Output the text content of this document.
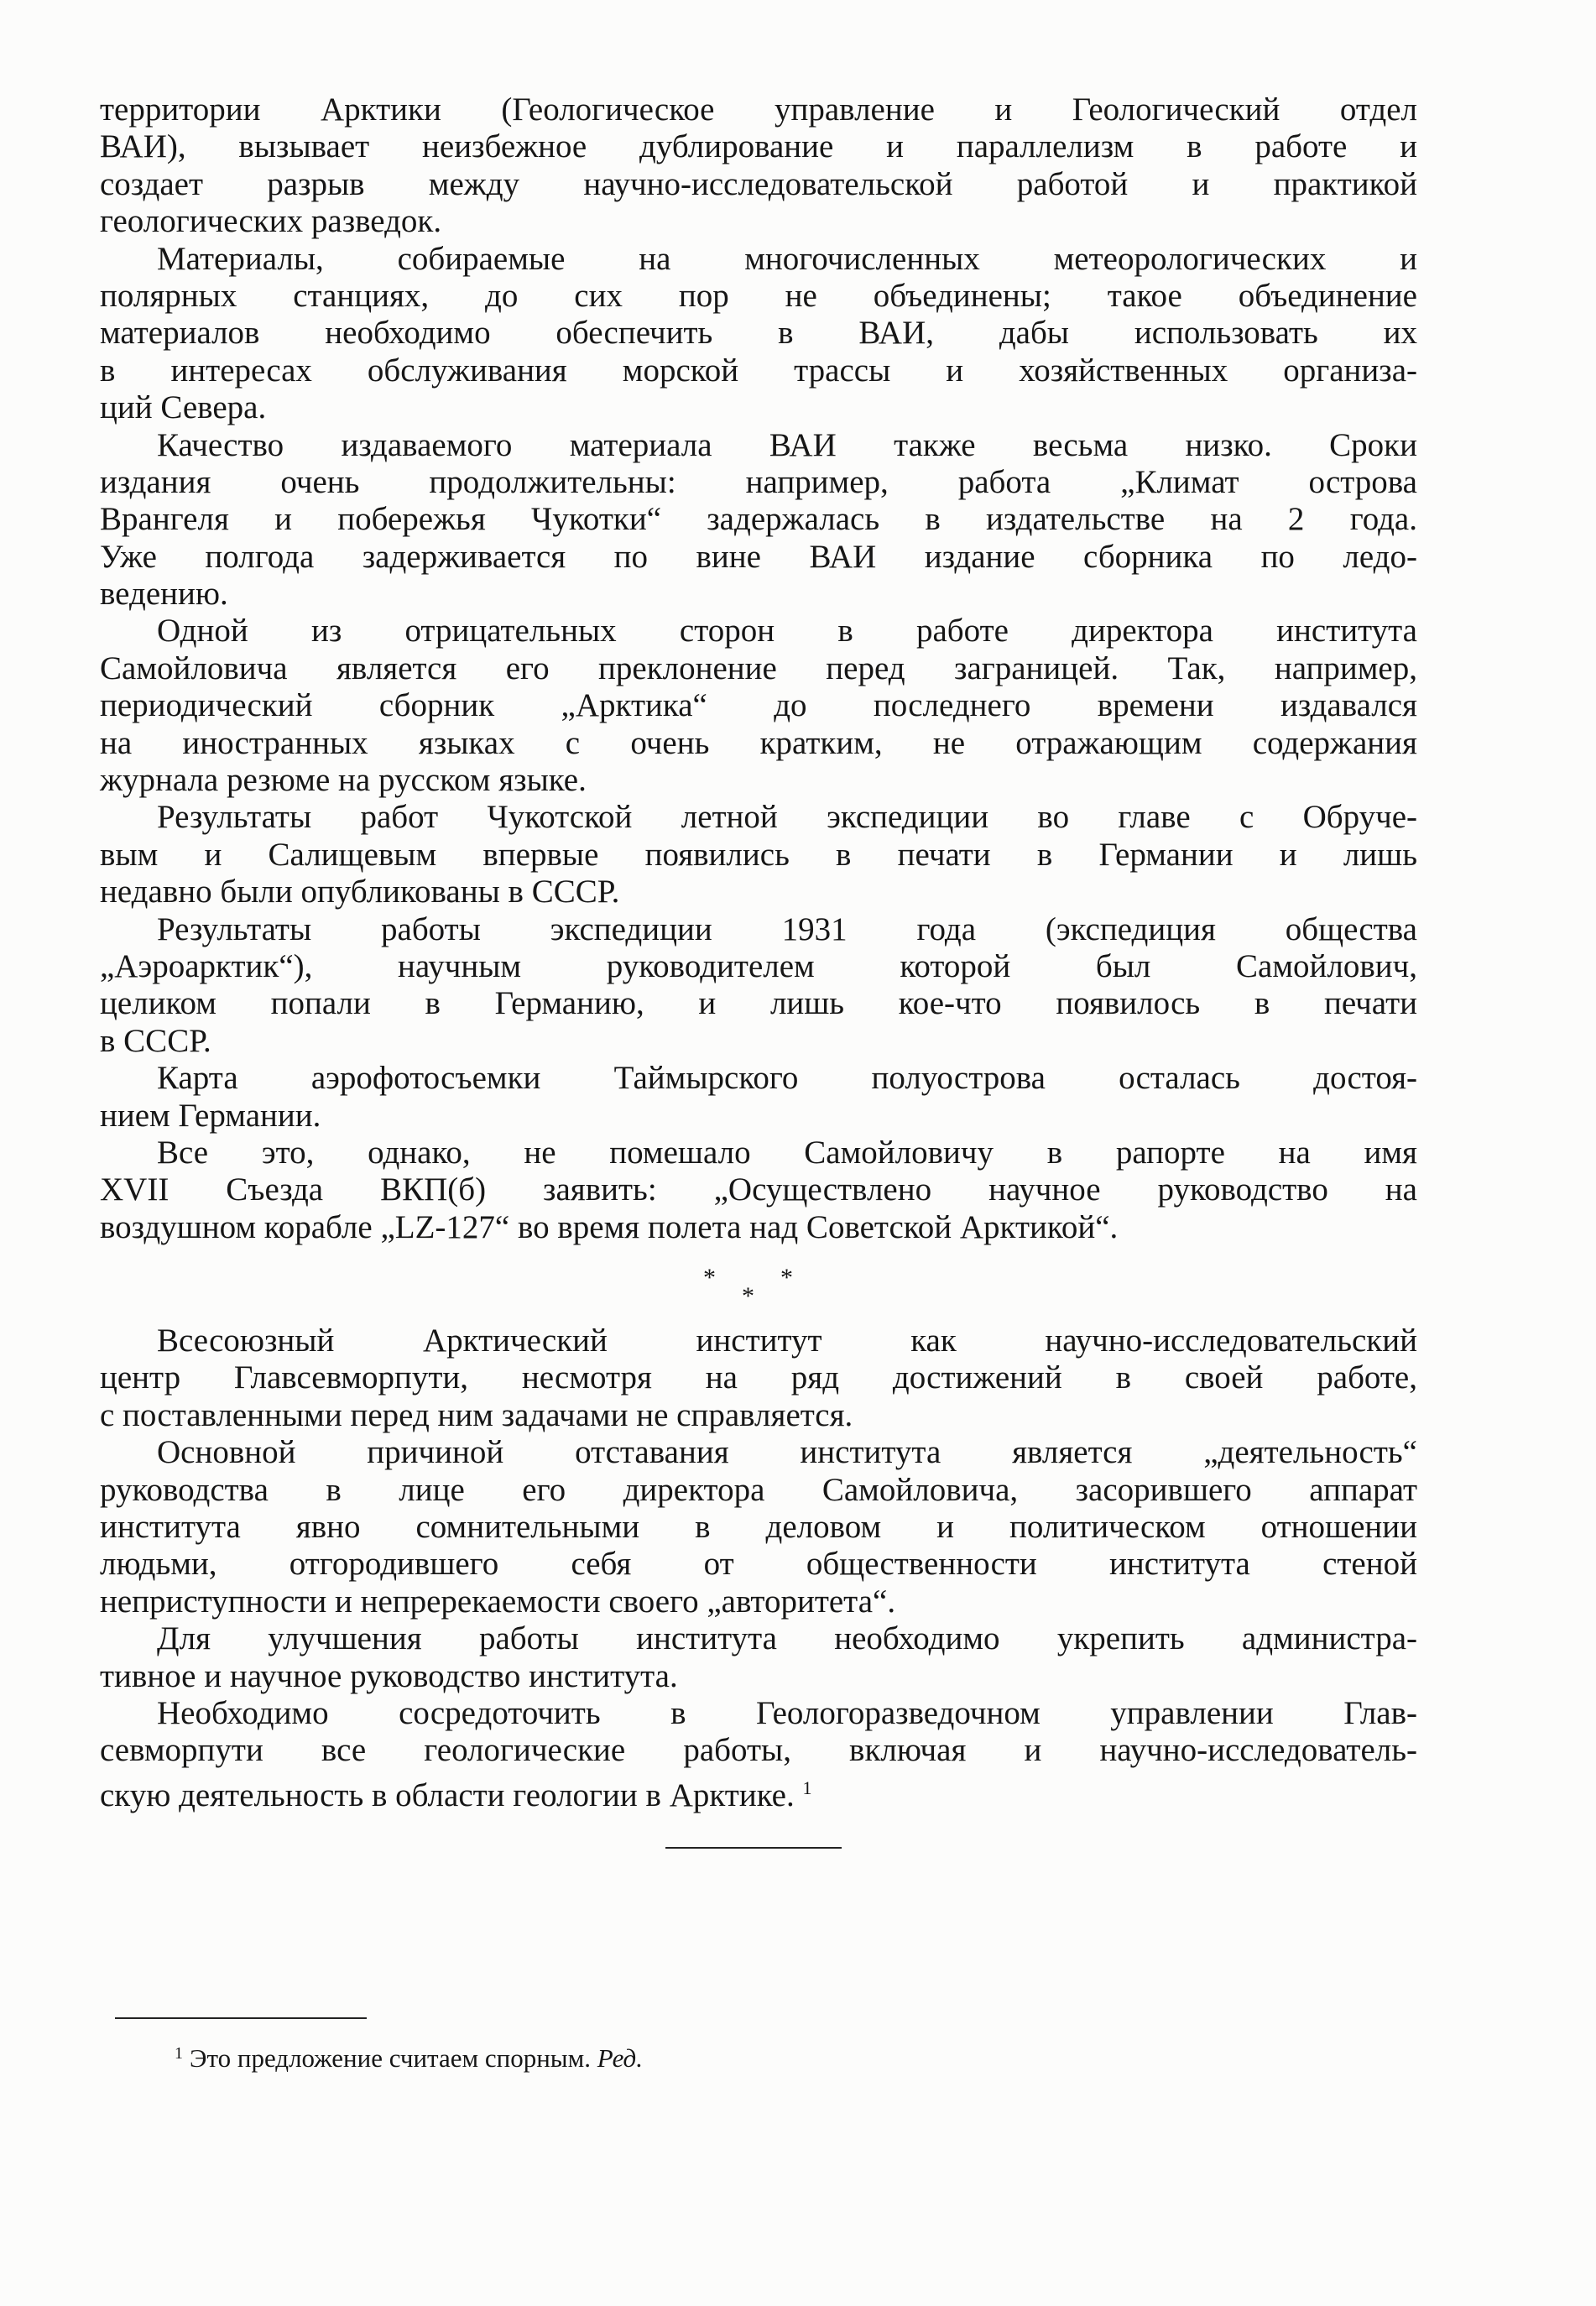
территории Арктики (Геологическое управление и Геологический отдел
ВАИ), вызывает неизбежное дублирование и параллелизм в работе и
создает разрыв между научно-исследовательской работой и практикой
геологических разведок.
Материалы, собираемые на многочисленных метеорологических и
полярных станциях, до сих пор не объединены; такое объединение
материалов необходимо обеспечить в ВАИ, дабы использовать их
в интересах обслуживания морской трассы и хозяйственных организа-
ций Севера.
Качество издаваемого материала ВАИ также весьма низко. Сроки
издания очень продолжительны: например, работа „Климат острова
Врангеля и побережья Чукотки“ задержалась в издательстве на 2 года.
Уже полгода задерживается по вине ВАИ издание сборника по ледо-
ведению.
Одной из отрицательных сторон в работе директора института
Самойловича является его преклонение перед заграницей. Так, например,
периодический сборник „Арктика“ до последнего времени издавался
на иностранных языках с очень кратким, не отражающим содержания
журнала резюме на русском языке.
Результаты работ Чукотской летной экспедиции во главе с Обруче-
вым и Салищевым впервые появились в печати в Германии и лишь
недавно были опубликованы в СССР.
Результаты работы экспедиции 1931 года (экспедиция общества
„Аэроарктик“), научным руководителем которой был Самойлович,
целиком попали в Германию, и лишь кое-что появилось в печати
в СССР.
Карта аэрофотосъемки Таймырского полуострова осталась достоя-
нием Германии.
Все это, однако, не помешало Самойловичу в рапорте на имя
XVII Съезда ВКП(б) заявить: „Осуществлено научное руководство на
воздушном корабле „LZ-127“ во время полета над Советской Арктикой“.
*	*
*
Всесоюзный Арктический институт как научно-исследовательский
центр Главсевморпути, несмотря на ряд достижений в своей работе,
с поставленными перед ним задачами не справляется.
Основной причиной отставания института является „деятельность“
руководства в лице его директора Самойловича, засорившего аппарат
института явно сомнительными в деловом и политическом отношении
людьми, отгородившего себя от общественности института стеной
неприступности и непререкаемости своего „авторитета“.
Для улучшения работы института необходимо укрепить администра-
тивное и научное руководство института.
Необходимо сосредоточить в Геологоразведочном управлении Глав-
севморпути все геологические работы, включая и научно-исследователь-
скую деятельность в области геологии в Арктике. $^1$
$^1$ Это предложение считаем спорным. Ред.
